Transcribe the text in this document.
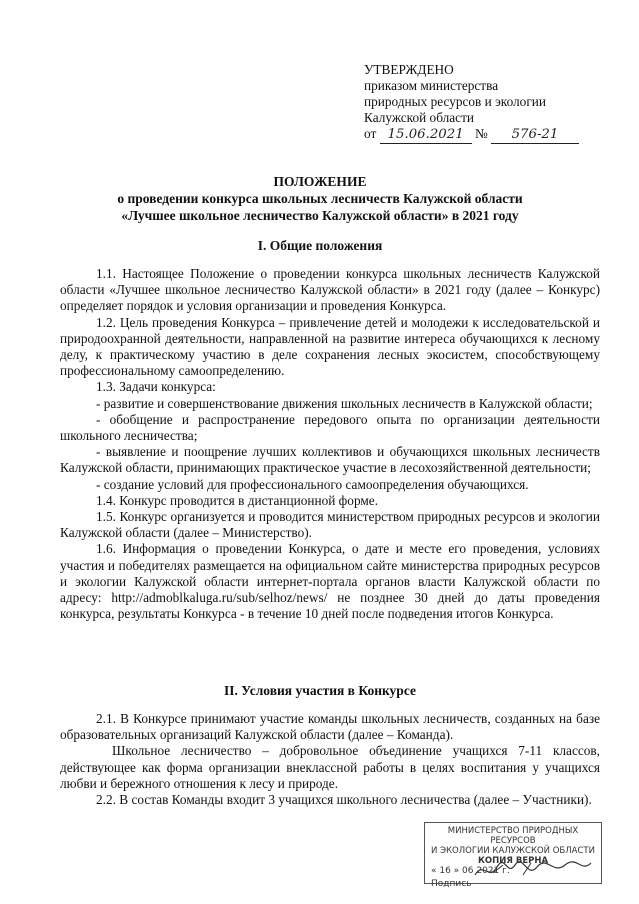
УТВЕРЖДЕНО
приказом министерства
природных ресурсов и экологии
Калужской области
от 15.06.2021 № 576-21
ПОЛОЖЕНИЕ
о проведении конкурса школьных лесничеств Калужской области
«Лучшее школьное лесничество Калужской области» в 2021 году
I. Общие положения

1.1. Настоящее Положение о проведении конкурса школьных лесничеств Калужской области «Лучшее школьное лесничество Калужской области» в 2021 году (далее – Конкурс) определяет порядок и условия организации и проведения Конкурса.

1.2. Цель проведения Конкурса – привлечение детей и молодежи к исследовательской и природоохранной деятельности, направленной на развитие интереса обучающихся к лесному делу, к практическому участию в деле сохранения лесных экосистем, способствующему профессиональному самоопределению.

1.3. Задачи конкурса:

- развитие и совершенствование движения школьных лесничеств в Калужской области;

- обобщение и распространение передового опыта по организации деятельности школьного лесничества;

- выявление и поощрение лучших коллективов и обучающихся школьных лесничеств Калужской области, принимающих практическое участие в лесохозяйственной деятельности;

- создание условий для профессионального самоопределения обучающихся.

1.4. Конкурс проводится в дистанционной форме.

1.5. Конкурс организуется и проводится министерством природных ресурсов и экологии Калужской области (далее – Министерство).

1.6. Информация о проведении Конкурса, о дате и месте его проведения, условиях участия и победителях размещается на официальном сайте министерства природных ресурсов и экологии Калужской области интернет-портала органов власти Калужской области по адресу: http://admoblkaluga.ru/sub/selhoz/news/ не позднее 30 дней до даты проведения конкурса, результаты Конкурса - в течение 10 дней после подведения итогов Конкурса.

II. Условия участия в Конкурсе

2.1. В Конкурсе принимают участие команды школьных лесничеств, созданных на базе образовательных организаций Калужской области (далее – Команда).

Школьное лесничество – добровольное объединение учащихся 7-11 классов, действующее как форма организации внеклассной работы в целях воспитания у учащихся любви и бережного отношения к лесу и природе.

2.2. В состав Команды входит 3 учащихся школьного лесничества (далее – Участники).

МИНИСТЕРСТВО ПРИРОДНЫХ РЕСУРСОВ
И ЭКОЛОГИИ КАЛУЖСКОЙ ОБЛАСТИ
КОПИЯ ВЕРНА
« 16 » 06 2021 г.
Подпись
